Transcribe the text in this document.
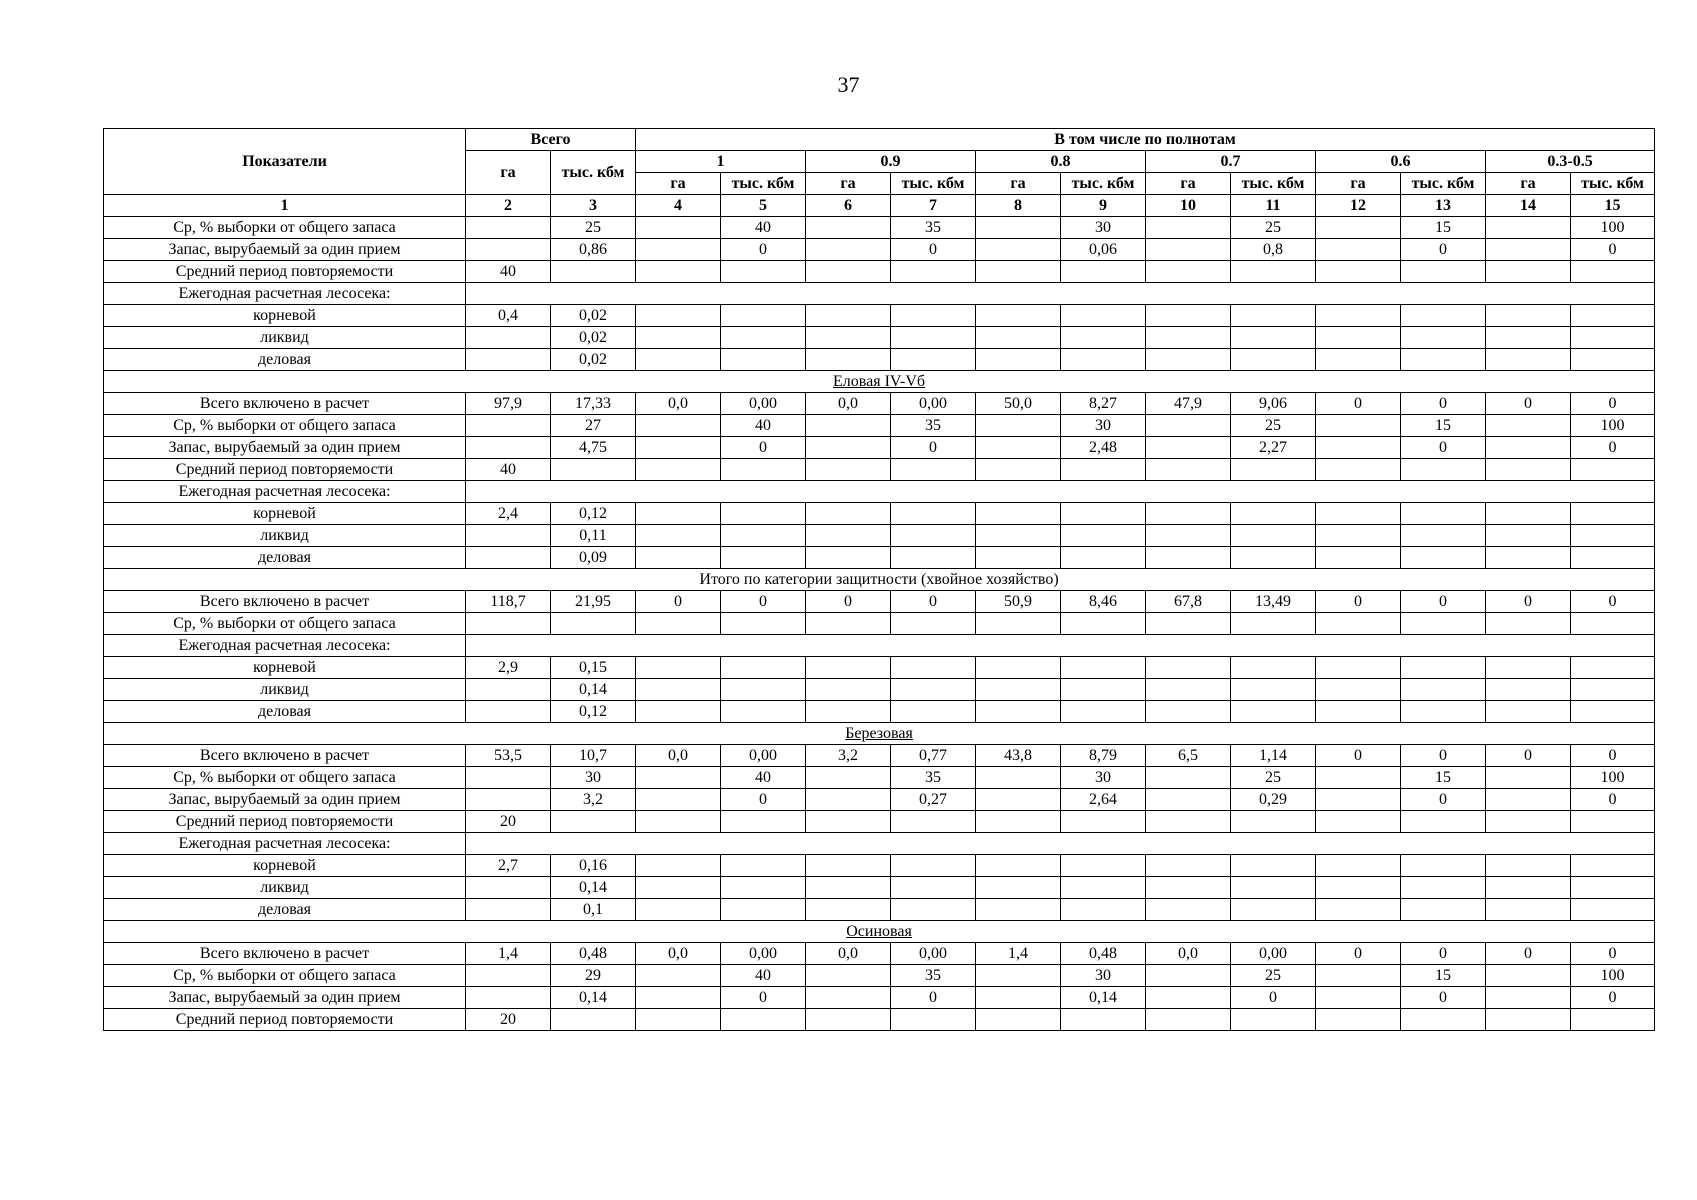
37
Показатели	Всего		В том числе по полнотам											
	га	тыс. кбм	1		0.9		0.8		0.7		0.6		0.3-0.5	
			га	тыс. кбм	га	тыс. кбм	га	тыс. кбм	га	тыс. кбм	га	тыс. кбм	га	тыс. кбм
1	2	3	4	5	6	7	8	9	10	11	12	13	14	15
Ср, % выборки от общего запаса		25		40		35		30		25		15		100
Запас, вырубаемый за один прием		0,86		0		0		0,06		0,8		0		0
Средний период повторяемости	40													
Ежегодная расчетная лесосека:														
корневой	0,4	0,02												
ликвид		0,02												
деловая		0,02												
Еловая IV-Vб														
Всего включено в расчет	97,9	17,33	0,0	0,00	0,0	0,00	50,0	8,27	47,9	9,06	0	0	0	0
Ср, % выборки от общего запаса		27		40		35		30		25		15		100
Запас, вырубаемый за один прием		4,75		0		0		2,48		2,27		0		0
Средний период повторяемости	40													
Ежегодная расчетная лесосека:														
корневой	2,4	0,12												
ликвид		0,11												
деловая		0,09												
Итого по категории защитности (хвойное хозяйство)														
Всего включено в расчет	118,7	21,95	0	0	0	0	50,9	8,46	67,8	13,49	0	0	0	0
Ср, % выборки от общего запаса														
Ежегодная расчетная лесосека:														
корневой	2,9	0,15												
ликвид		0,14												
деловая		0,12												
Березовая														
Всего включено в расчет	53,5	10,7	0,0	0,00	3,2	0,77	43,8	8,79	6,5	1,14	0	0	0	0
Ср, % выборки от общего запаса		30		40		35		30		25		15		100
Запас, вырубаемый за один прием		3,2		0		0,27		2,64		0,29		0		0
Средний период повторяемости	20													
Ежегодная расчетная лесосека:														
корневой	2,7	0,16												
ликвид		0,14												
деловая		0,1												
Осиновая														
Всего включено в расчет	1,4	0,48	0,0	0,00	0,0	0,00	1,4	0,48	0,0	0,00	0	0	0	0
Ср, % выборки от общего запаса		29		40		35		30		25		15		100
Запас, вырубаемый за один прием		0,14		0		0		0,14		0		0		0
Средний период повторяемости	20													
